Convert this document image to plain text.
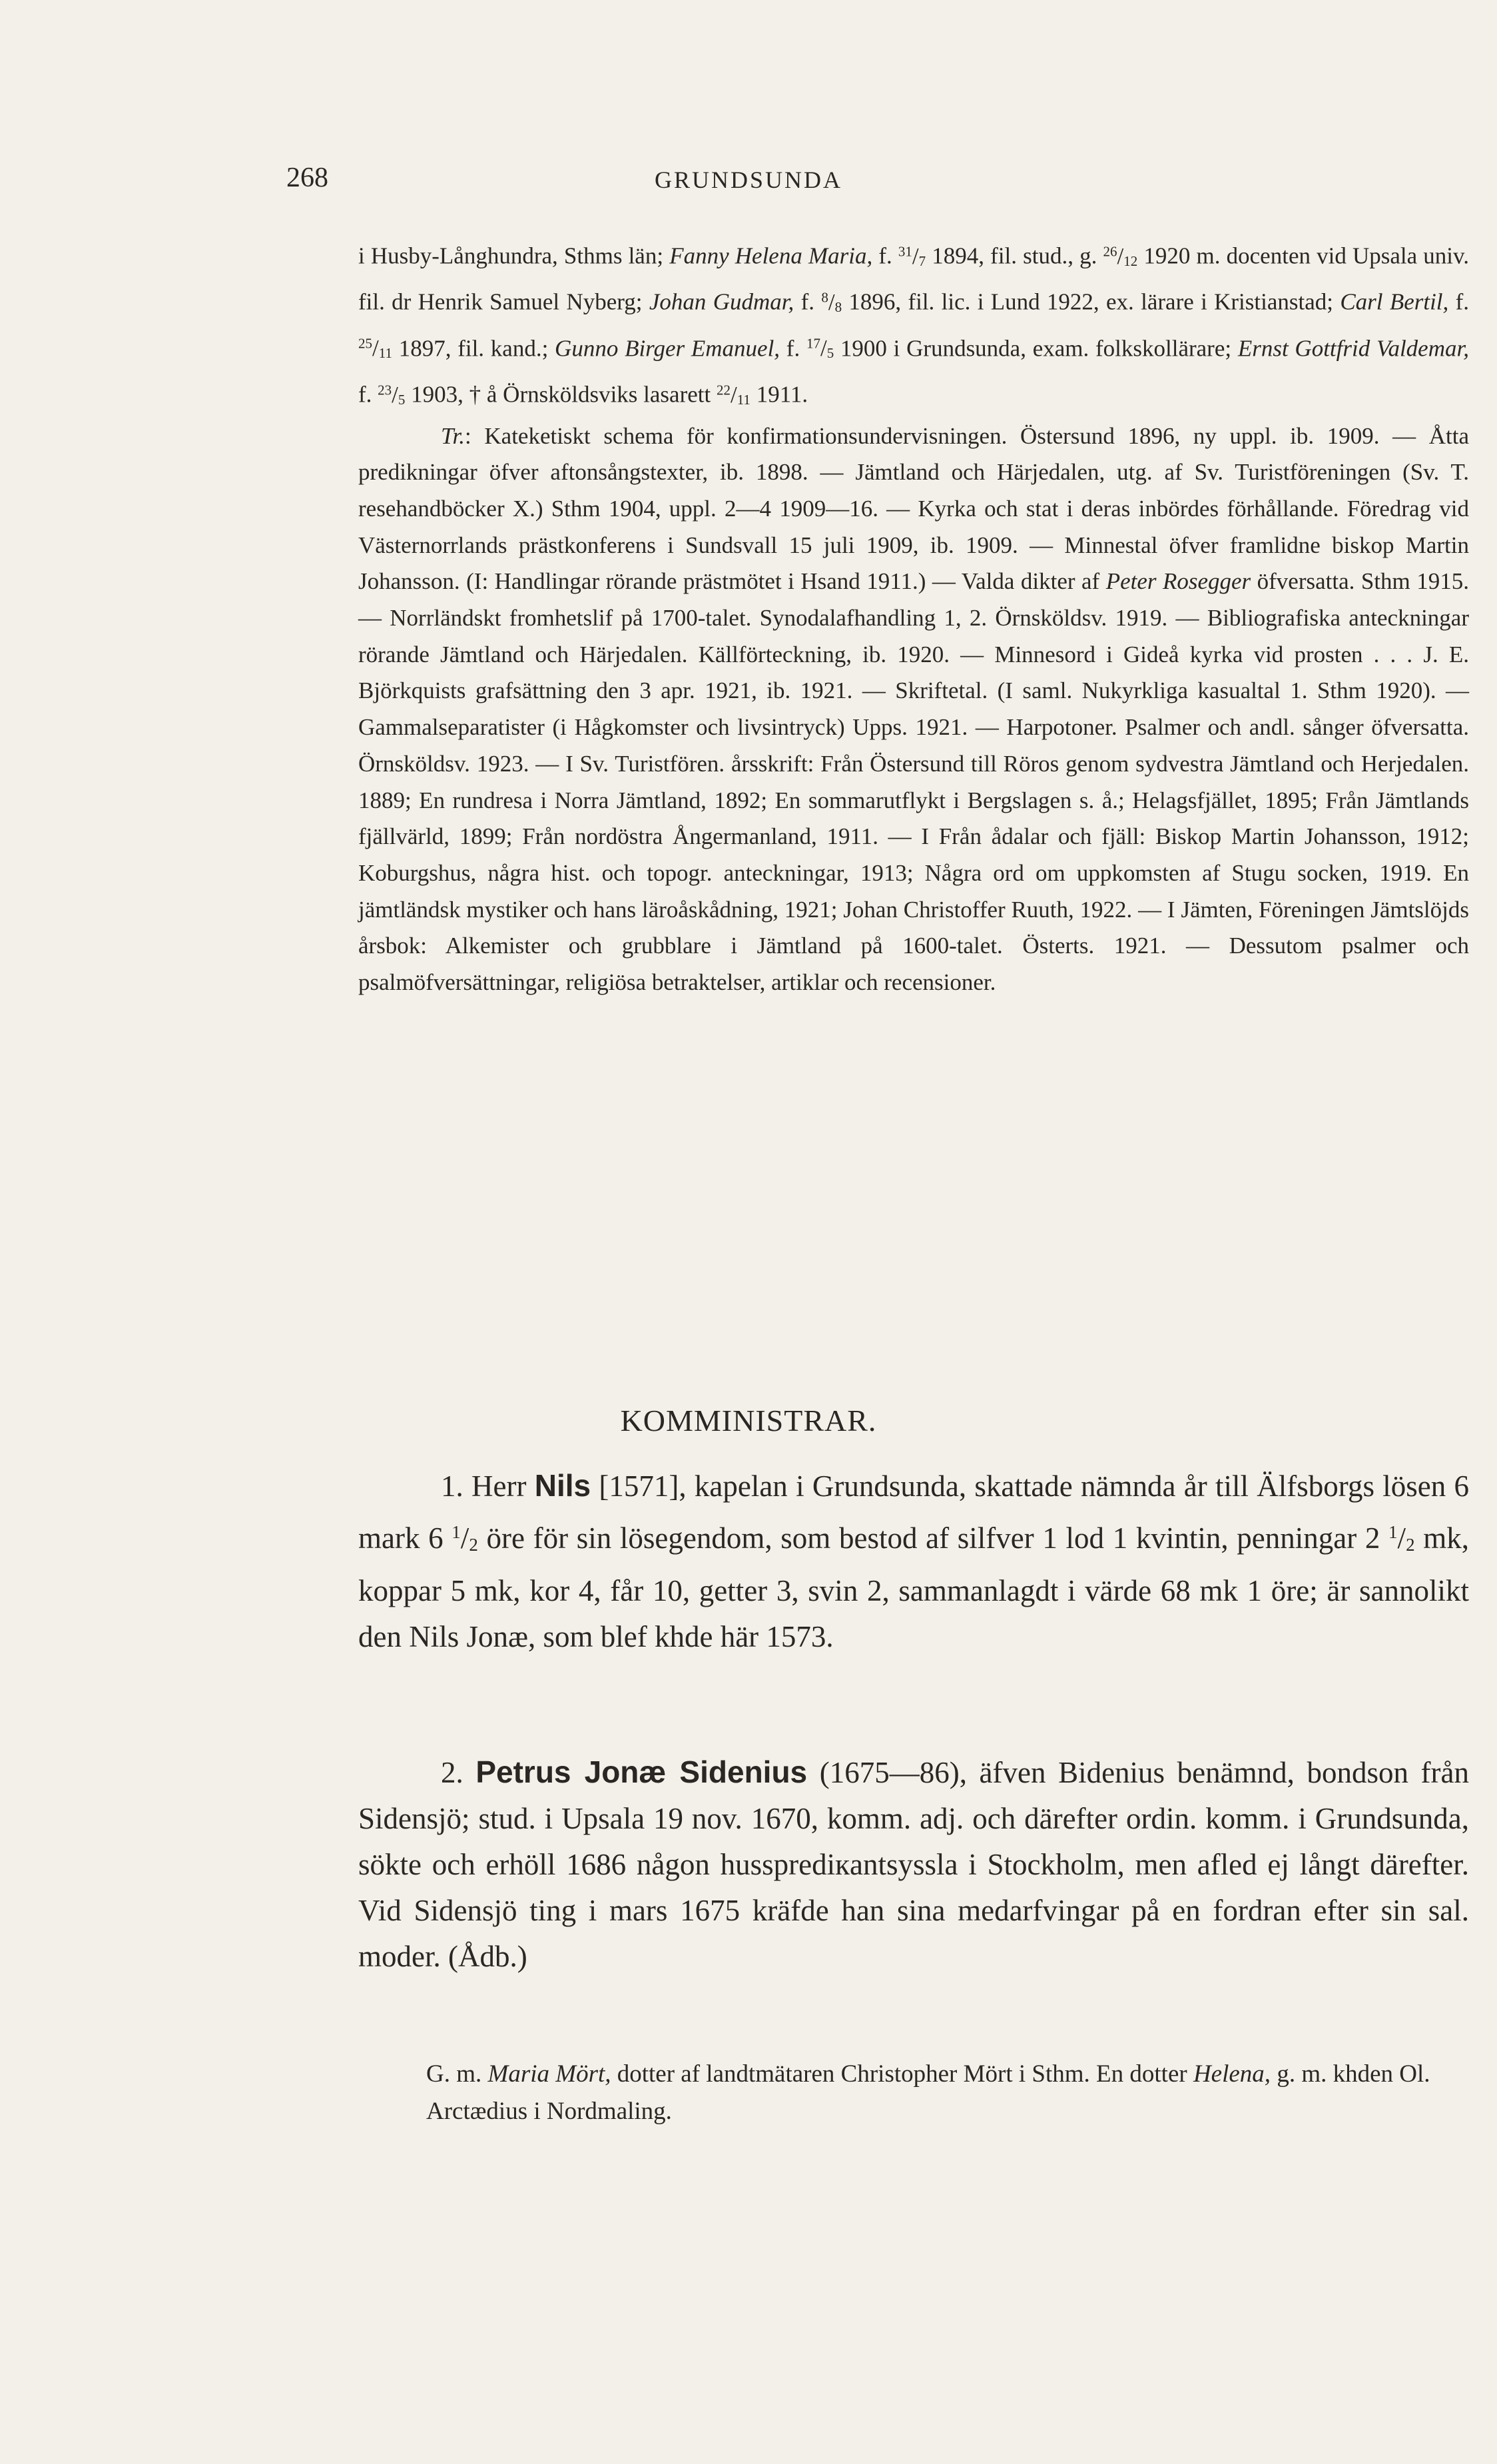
268	GRUNDSUNDA

i Husby-Långhundra, Sthms län; Fanny Helena Maria, f. $^{31}/_7$ 1894, fil. stud., g. $^{26}/_{12}$ 1920 m. docenten vid Upsala univ. fil. dr Henrik Samuel Nyberg; Johan Gudmar, f. $^8/_8$ 1896, fil. lic. i Lund 1922, ex. lärare i Kristianstad; Carl Bertil, f. $^{25}/_{11}$ 1897, fil. kand.; Gunno Birger Emanuel, f. $^{17}/_5$ 1900 i Grundsunda, exam. folkskollärare; Ernst Gottfrid Valdemar, f. $^{23}/_5$ 1903, † å Örnsköldsviks lasarett $^{22}/_{11}$ 1911.

Tr.: Kateketiskt schema för konfirmationsundervisningen. Östersund 1896, ny uppl. ib. 1909. — Åtta predikningar öfver aftonsångstexter, ib. 1898. — Jämtland och Härjedalen, utg. af Sv. Turistföreningen (Sv. T. resehandböcker X.) Sthm 1904, uppl. 2—4 1909—16. — Kyrka och stat i deras inbördes förhållande. Föredrag vid Västernorrlands prästkonferens i Sundsvall 15 juli 1909, ib. 1909. — Minnestal öfver framlidne biskop Martin Johansson. (I: Handlingar rörande prästmötet i Hsand 1911.) — Valda dikter af Peter Rosegger öfversatta. Sthm 1915. — Norrländskt fromhetslif på 1700-talet. Synodalafhandling 1, 2. Örnsköldsv. 1919. — Bibliografiska anteckningar rörande Jämtland och Härjedalen. Källförteckning, ib. 1920. — Minnesord i Gideå kyrka vid prosten . . . J. E. Björkquists grafsättning den 3 apr. 1921, ib. 1921. — Skriftetal. (I saml. Nukyrkliga kasualtal 1. Sthm 1920). — Gammalseparatister (i Hågkomster och livsintryck) Upps. 1921. — Harpotoner. Psalmer och andl. sånger öfversatta. Örnsköldsv. 1923. — I Sv. Turistfören. årsskrift: Från Östersund till Röros genom sydvestra Jämtland och Herjedalen. 1889; En rundresa i Norra Jämtland, 1892; En sommarutflykt i Bergslagen s. å.; Helagsfjället, 1895; Från Jämtlands fjällvärld, 1899; Från nordöstra Ångermanland, 1911. — I Från ådalar och fjäll: Biskop Martin Johansson, 1912; Koburgshus, några hist. och topogr. anteckningar, 1913; Några ord om uppkomsten af Stugu socken, 1919. En jämtländsk mystiker och hans läroåskådning, 1921; Johan Christoffer Ruuth, 1922. — I Jämten, Föreningen Jämtslöjds årsbok: Alkemister och grubblare i Jämtland på 1600-talet. Österts. 1921. — Dessutom psalmer och psalmöfversättningar, religiösa betraktelser, artiklar och recensioner.

KOMMINISTRAR.

1. Herr Nils [1571], kapelan i Grundsunda, skattade nämnda år till Älfsborgs lösen 6 mark 6 $^1/_2$ öre för sin lösegendom, som bestod af silfver 1 lod 1 kvintin, penningar 2 $^1/_2$ mk, koppar 5 mk, kor 4, får 10, getter 3, svin 2, sammanlagdt i värde 68 mk 1 öre; är sannolikt den Nils Jonæ, som blef khde här 1573.

2. Petrus Jonæ Sidenius (1675—86), äfven Bidenius benämnd, bondson från Sidensjö; stud. i Upsala 19 nov. 1670, komm. adj. och därefter ordin. komm. i Grundsunda, sökte och erhöll 1686 någon hussprediкantsyssla i Stockholm, men afled ej långt därefter. Vid Sidensjö ting i mars 1675 kräfde han sina medarfvingar på en fordran efter sin sal. moder. (Ådb.)

G. m. Maria Mört, dotter af landtmätaren Christopher Mört i Sthm. En dotter Helena, g. m. khden Ol. Arctædius i Nordmaling.
